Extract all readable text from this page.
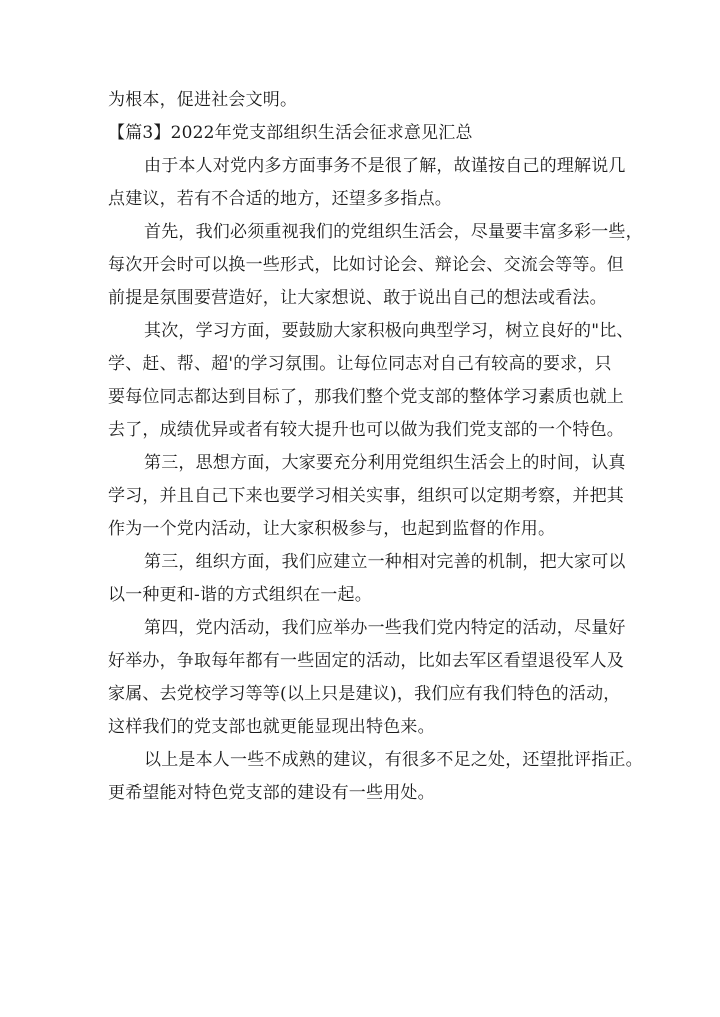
为根本，促进社会文明。

【篇3】2022年党支部组织生活会征求意见汇总

由于本人对党内多方面事务不是很了解，故谨按自己的理解说几

点建议，若有不合适的地方，还望多多指点。

首先，我们必须重视我们的党组织生活会，尽量要丰富多彩一些，

每次开会时可以换一些形式，比如讨论会、辩论会、交流会等等。但

前提是氛围要营造好，让大家想说、敢于说出自己的想法或看法。

其次，学习方面，要鼓励大家积极向典型学习，树立良好的"比、

学、赶、帮、超'的学习氛围。让每位同志对自己有较高的要求，只

要每位同志都达到目标了，那我们整个党支部的整体学习素质也就上

去了，成绩优异或者有较大提升也可以做为我们党支部的一个特色。

第三，思想方面，大家要充分利用党组织生活会上的时间，认真

学习，并且自己下来也要学习相关实事，组织可以定期考察，并把其

作为一个党内活动，让大家积极参与，也起到监督的作用。

第三，组织方面，我们应建立一种相对完善的机制，把大家可以

以一种更和-谐的方式组织在一起。

第四，党内活动，我们应举办一些我们党内特定的活动，尽量好

好举办，争取每年都有一些固定的活动，比如去军区看望退役军人及

家属、去党校学习等等(以上只是建议)，我们应有我们特色的活动，

这样我们的党支部也就更能显现出特色来。

以上是本人一些不成熟的建议，有很多不足之处，还望批评指正。

更希望能对特色党支部的建设有一些用处。
